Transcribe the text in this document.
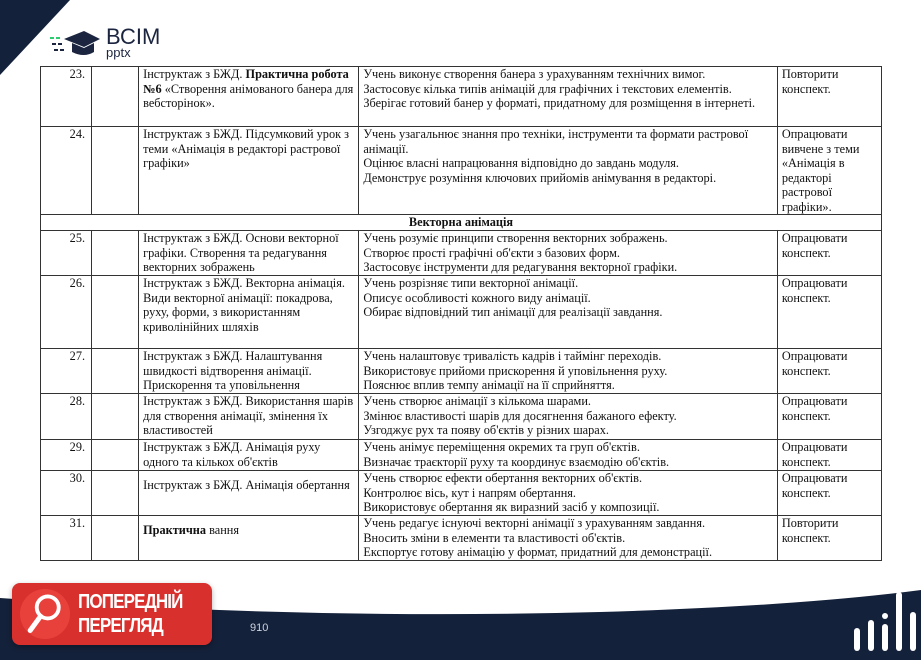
ВСІМ
pptx
23.		Інструктаж з БЖД. Практична робота №6 «Створення анімованого банера для вебсторінок».	Учень виконує створення банера з урахуванням технічних вимог.
Застосовує кілька типів анімацій для графічних і текстових елементів.
Зберігає готовий банер у форматі, придатному для розміщення в інтернеті.	Повторити конспект.
24.		Інструктаж з БЖД. Підсумковий урок з теми «Анімація в редакторі растрової графіки»	Учень узагальнює знання про техніки, інструменти та формати растрової анімації.
Оцінює власні напрацювання відповідно до завдань модуля.
Демонструє розуміння ключових прийомів анімування в редакторі.	Опрацювати вивчене з теми «Анімація в редакторі растрової графіки».
Векторна анімація				
25.		Інструктаж з БЖД. Основи векторної графіки. Створення та редагування векторних зображень	Учень розуміє принципи створення векторних зображень.
Створює прості графічні об'єкти з базових форм.
Застосовує інструменти для редагування векторної графіки.	Опрацювати конспект.
26.		Інструктаж з БЖД. Векторна анімація. Види векторної анімації: покадрова, руху, форми, з використанням криволінійних шляхів	Учень розрізняє типи векторної анімації.
Описує особливості кожного виду анімації.
Обирає відповідний тип анімації для реалізації завдання.	Опрацювати конспект.
27.		Інструктаж з БЖД. Налаштування швидкості відтворення анімації. Прискорення та уповільнення	Учень налаштовує тривалість кадрів і таймінг переходів.
Використовує прийоми прискорення й уповільнення руху.
Пояснює вплив темпу анімації на її сприйняття.	Опрацювати конспект.
28.		Інструктаж з БЖД. Використання шарів для створення анімації, змінення їх властивостей	Учень створює анімації з кількома шарами.
Змінює властивості шарів для досягнення бажаного ефекту.
Узгоджує рух та появу об'єктів у різних шарах.	Опрацювати конспект.
29.		Інструктаж з БЖД. Анімація руху одного та кількох об'єктів	Учень анімує переміщення окремих та груп об'єктів.
Визначає траєкторії руху та координує взаємодію об'єктів.	Опрацювати конспект.
30.		Інструктаж з БЖД. Анімація обертання	Учень створює ефекти обертання векторних об'єктів.
Контролює вісь, кут і напрям обертання.
Використовує обертання як виразний засіб у композиції.	Опрацювати конспект.
31.		Практична вання	Учень редагує існуючі векторні анімації з урахуванням завдання.
Вносить зміни в елементи та властивості об'єктів.
Експортує готову анімацію у формат, придатний для демонстрації.	Повторити конспект.
910
ПОПЕРЕДНІЙ
ПЕРЕГЛЯД
